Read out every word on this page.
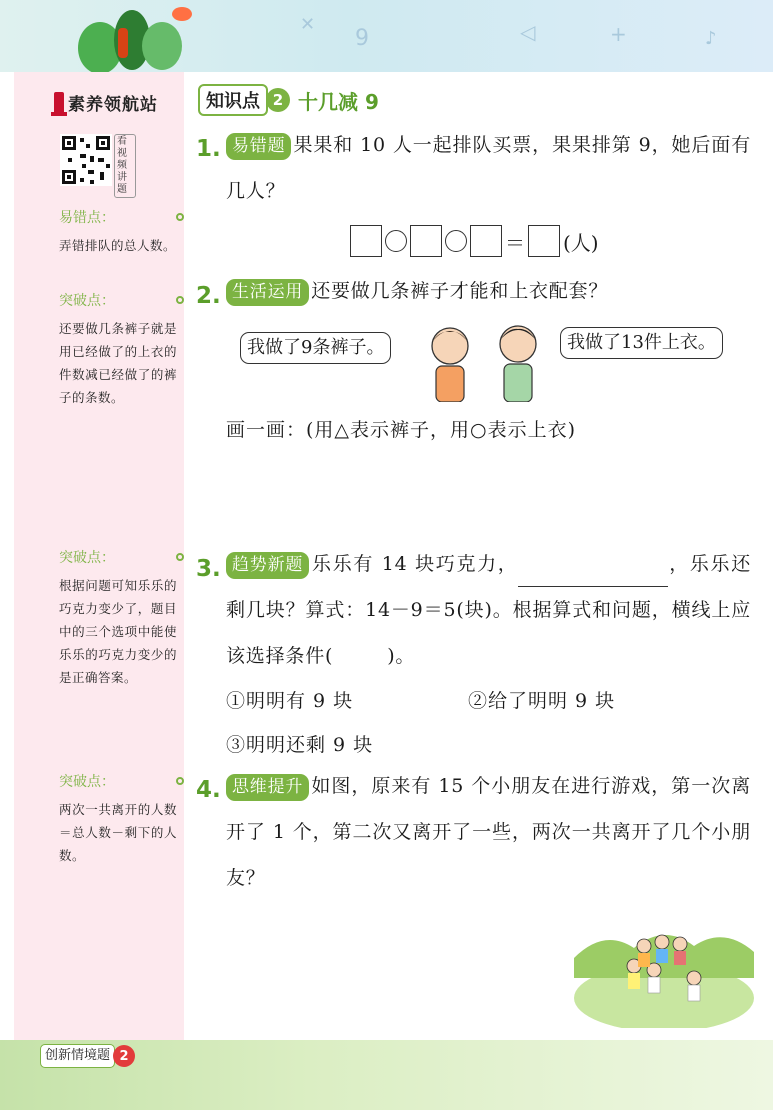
✕
9	◁	+	♪
素养领航站
看视频讲题
易错点：
弄错排队的总人数。
突破点：
还要做几条裤子就是用已经做了的上衣的件数减已经做了的裤子的条数。
突破点：
根据问题可知乐乐的巧克力变少了，题目中的三个选项中能使乐乐的巧克力变少的是正确答案。
突破点：
两次一共离开的人数＝总人数－剩下的人数。
知识点 2 十几减 9
1. 易错题 果果和 10 人一起排队买票，果果排第 9，她后面有几人？
＝ (人)
2. 生活运用 还要做几条裤子才能和上衣配套？
我做了9条裤子。	我做了13件上衣。
画一画：(用△表示裤子，用○表示上衣)
3. 趋势新题 乐乐有 14 块巧克力，	，乐乐还剩几块？算式：14－9＝5(块)。根据算式和问题，横线上应该选择条件(	)。
①明明有 9 块	②给了明明 9 块
③明明还剩 9 块
4. 思维提升 如图，原来有 15 个小朋友在进行游戏，第一次离开了 1 个，第二次又离开了一些，两次一共离开了几个小朋友？
创新情境题 2
